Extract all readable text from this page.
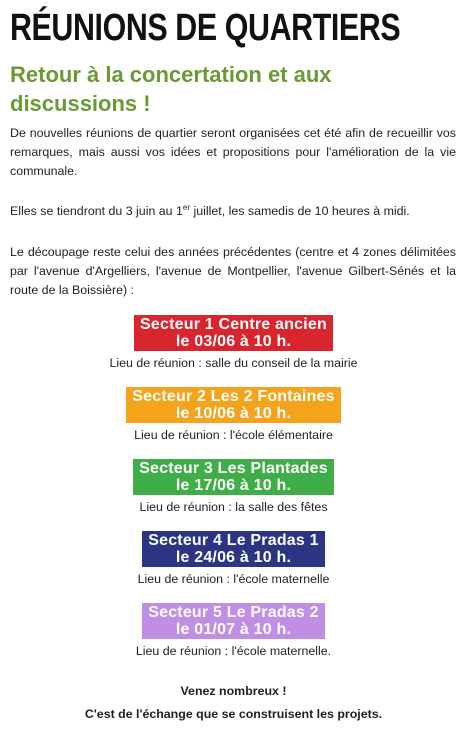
RÉUNIONS DE QUARTIERS
Retour à la concertation et aux discussions !
De nouvelles réunions de quartier seront organisées cet été afin de recueillir vos remarques, mais aussi vos idées et propositions pour l'amélioration de la vie communale.
Elles se tiendront du 3 juin au 1er juillet, les samedis de 10 heures à midi.
Le découpage reste celui des années précédentes (centre et 4 zones délimitées par l'avenue d'Argelliers, l'avenue de Montpellier, l'avenue Gilbert-Sénés et la route de la Boissière) :
Secteur 1 Centre ancien
le 03/06 à 10 h.
Lieu de réunion : salle du conseil de la mairie
Secteur 2 Les 2 Fontaines
le 10/06 à 10 h.
Lieu de réunion : l'école élémentaire
Secteur 3 Les Plantades
le 17/06 à 10 h.
Lieu de réunion : la salle des fêtes
Secteur 4 Le Pradas 1
le 24/06 à 10 h.
Lieu de réunion : l'école maternelle
Secteur 5 Le Pradas 2
le 01/07 à 10 h.
Lieu de réunion : l'école maternelle.
Venez nombreux !
C'est de l'échange que se construisent les projets.
